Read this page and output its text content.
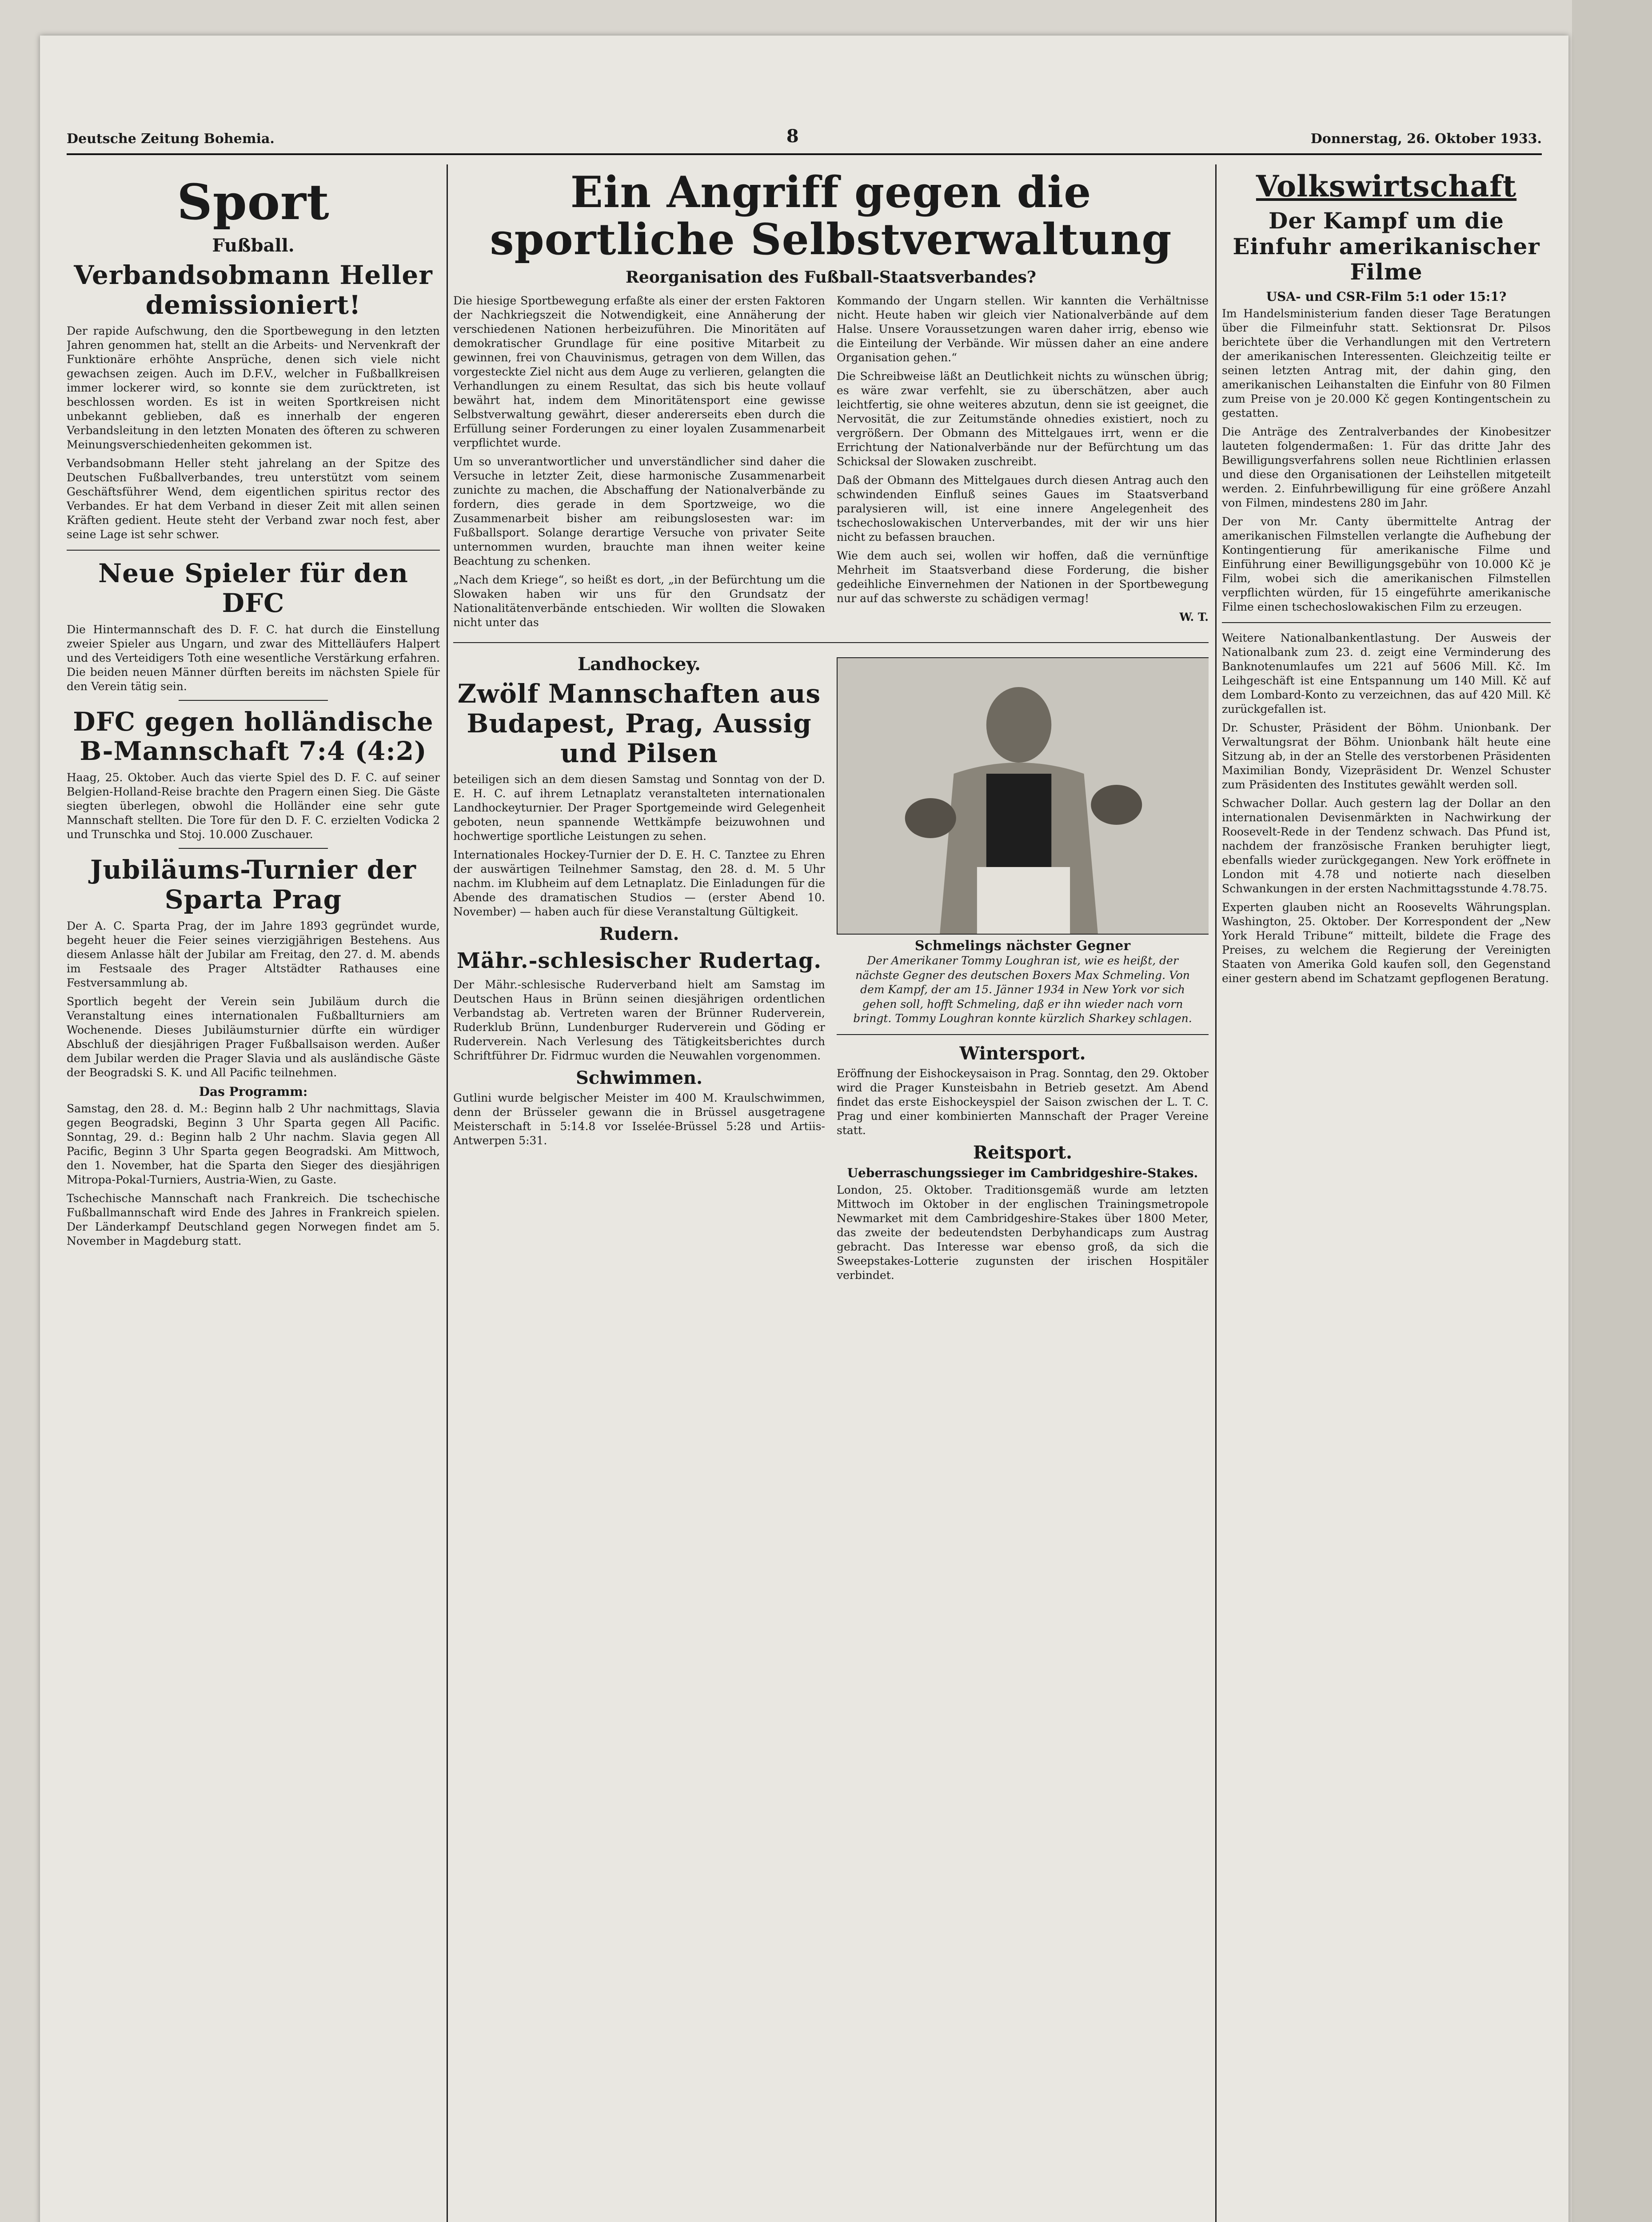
Deutsche Zeitung Bohemia.	8	Donnerstag, 26. Oktober 1933.
Sport
Fußball.
Verbandsobmann Heller demissioniert!

Der rapide Aufschwung, den die Sportbewegung in den letzten Jahren genommen hat, stellt an die Arbeits- und Nervenkraft der Funktionäre erhöhte Ansprüche, denen sich viele nicht gewachsen zeigen. Auch im D.F.V., welcher in Fußballkreisen immer lockerer wird, so konnte sie dem zurücktreten, ist beschlossen worden. Es ist in weiten Sportkreisen nicht unbekannt geblieben, daß es innerhalb der engeren Verbandsleitung in den letzten Monaten des öfteren zu schweren Meinungsverschiedenheiten gekommen ist.

Verbandsobmann Heller steht jahrelang an der Spitze des Deutschen Fußballverbandes, treu unterstützt vom seinem Geschäftsführer Wend, dem eigentlichen spiritus rector des Verbandes. Er hat dem Verband in dieser Zeit mit allen seinen Kräften gedient. Heute steht der Verband zwar noch fest, aber seine Lage ist sehr schwer.

Neue Spieler für den DFC

Die Hintermannschaft des D. F. C. hat durch die Einstellung zweier Spieler aus Ungarn, und zwar des Mittelläufers Halpert und des Verteidigers Toth eine wesentliche Verstärkung erfahren. Die beiden neuen Männer dürften bereits im nächsten Spiele für den Verein tätig sein.

DFC gegen holländische B-Mannschaft 7:4 (4:2)

Haag, 25. Oktober. Auch das vierte Spiel des D. F. C. auf seiner Belgien-Holland-Reise brachte den Pragern einen Sieg. Die Gäste siegten überlegen, obwohl die Holländer eine sehr gute Mannschaft stellten. Die Tore für den D. F. C. erzielten Vodicka 2 und Trunschka und Stoj. 10.000 Zuschauer.

Jubiläums-Turnier der Sparta Prag

Der A. C. Sparta Prag, der im Jahre 1893 gegründet wurde, begeht heuer die Feier seines vierzigjährigen Bestehens. Aus diesem Anlasse hält der Jubilar am Freitag, den 27. d. M. abends im Festsaale des Prager Altstädter Rathauses eine Festversammlung ab.

Sportlich begeht der Verein sein Jubiläum durch die Veranstaltung eines internationalen Fußballturniers am Wochenende. Dieses Jubiläumsturnier dürfte ein würdiger Abschluß der diesjährigen Prager Fußballsaison werden. Außer dem Jubilar werden die Prager Slavia und als ausländische Gäste der Beogradski S. K. und All Pacific teilnehmen.

Das Programm:

Samstag, den 28. d. M.: Beginn halb 2 Uhr nachmittags, Slavia gegen Beogradski, Beginn 3 Uhr Sparta gegen All Pacific. Sonntag, 29. d.: Beginn halb 2 Uhr nachm. Slavia gegen All Pacific, Beginn 3 Uhr Sparta gegen Beogradski. Am Mittwoch, den 1. November, hat die Sparta den Sieger des diesjährigen Mitropa-Pokal-Turniers, Austria-Wien, zu Gaste.

Tschechische Mannschaft nach Frankreich. Die tschechische Fußballmannschaft wird Ende des Jahres in Frankreich spielen. Der Länderkampf Deutschland gegen Norwegen findet am 5. November in Magdeburg statt.

Ein Angriff gegen die sportliche Selbstverwaltung
Reorganisation des Fußball-Staatsverbandes?

Die hiesige Sportbewegung erfaßte als einer der ersten Faktoren der Nachkriegszeit die Notwendigkeit, eine Annäherung der verschiedenen Nationen herbeizuführen. Die Minoritäten auf demokratischer Grundlage für eine positive Mitarbeit zu gewinnen, frei von Chauvinismus, getragen von dem Willen, das vorgesteckte Ziel nicht aus dem Auge zu verlieren, gelangten die Verhandlungen zu einem Resultat, das sich bis heute vollauf bewährt hat, indem dem Minoritätensport eine gewisse Selbstverwaltung gewährt, dieser andererseits eben durch die Erfüllung seiner Forderungen zu einer loyalen Zusammenarbeit verpflichtet wurde.

Um so unverantwortlicher und unverständlicher sind daher die Versuche in letzter Zeit, diese harmonische Zusammenarbeit zunichte zu machen, die Abschaffung der Nationalverbände zu fordern, dies gerade in dem Sportzweige, wo die Zusammenarbeit bisher am reibungslosesten war: im Fußballsport. Solange derartige Versuche von privater Seite unternommen wurden, brauchte man ihnen weiter keine Beachtung zu schenken.

„Nach dem Kriege“, so heißt es dort, „in der Befürchtung um die Slowaken haben wir uns für den Grundsatz der Nationalitätenverbände entschieden. Wir wollten die Slowaken nicht unter das

Kommando der Ungarn stellen. Wir kannten die Verhältnisse nicht. Heute haben wir gleich vier Nationalverbände auf dem Halse. Unsere Voraussetzungen waren daher irrig, ebenso wie die Einteilung der Verbände. Wir müssen daher an eine andere Organisation gehen.“

Die Schreibweise läßt an Deutlichkeit nichts zu wünschen übrig; es wäre zwar verfehlt, sie zu überschätzen, aber auch leichtfertig, sie ohne weiteres abzutun, denn sie ist geeignet, die Nervosität, die zur Zeitumstände ohnedies existiert, noch zu vergrößern. Der Obmann des Mittelgaues irrt, wenn er die Errichtung der Nationalverbände nur der Befürchtung um das Schicksal der Slowaken zuschreibt.

Daß der Obmann des Mittelgaues durch diesen Antrag auch den schwindenden Einfluß seines Gaues im Staatsverband paralysieren will, ist eine innere Angelegenheit des tschechoslowakischen Unterverbandes, mit der wir uns hier nicht zu befassen brauchen.

Wie dem auch sei, wollen wir hoffen, daß die vernünftige Mehrheit im Staatsverband diese Forderung, die bisher gedeihliche Einvernehmen der Nationen in der Sportbewegung nur auf das schwerste zu schädigen vermag!

W. T.

Landhockey.
Zwölf Mannschaften aus Budapest, Prag, Aussig und Pilsen

beteiligen sich an dem diesen Samstag und Sonntag von der D. E. H. C. auf ihrem Letnaplatz veranstalteten internationalen Landhockeyturnier. Der Prager Sportgemeinde wird Gelegenheit geboten, neun spannende Wettkämpfe beizuwohnen und hochwertige sportliche Leistungen zu sehen.

Internationales Hockey-Turnier der D. E. H. C. Tanztee zu Ehren der auswärtigen Teilnehmer Samstag, den 28. d. M. 5 Uhr nachm. im Klubheim auf dem Letnaplatz. Die Einladungen für die Abende des dramatischen Studios — (erster Abend 10. November) — haben auch für diese Veranstaltung Gültigkeit.

Rudern.
Mähr.-schlesischer Rudertag.

Der Mähr.-schlesische Ruderverband hielt am Samstag im Deutschen Haus in Brünn seinen diesjährigen ordentlichen Verbandstag ab. Vertreten waren der Brünner Ruderverein, Ruderklub Brünn, Lundenburger Ruderverein und Göding er Ruderverein. Nach Verlesung des Tätigkeitsberichtes durch Schriftführer Dr. Fidrmuc wurden die Neuwahlen vorgenommen.

Schwimmen.

Gutlini wurde belgischer Meister im 400 M. Kraulschwimmen, denn der Brüsseler gewann die in Brüssel ausgetragene Meisterschaft in 5:14.8 vor Isselée-Brüssel 5:28 und Artiis-Antwerpen 5:31.

Schmelings nächster Gegner
Der Amerikaner Tommy Loughran ist, wie es heißt, der nächste Gegner des deutschen Boxers Max Schmeling. Von dem Kampf, der am 15. Jänner 1934 in New York vor sich gehen soll, hofft Schmeling, daß er ihn wieder nach vorn bringt. Tommy Loughran konnte kürzlich Sharkey schlagen.
Wintersport.

Eröffnung der Eishockeysaison in Prag. Sonntag, den 29. Oktober wird die Prager Kunsteisbahn in Betrieb gesetzt. Am Abend findet das erste Eishockeyspiel der Saison zwischen der L. T. C. Prag und einer kombinierten Mannschaft der Prager Vereine statt.

Reitsport.
Ueberraschungssieger im Cambridgeshire-Stakes.

London, 25. Oktober. Traditionsgemäß wurde am letzten Mittwoch im Oktober in der englischen Trainingsmetropole Newmarket mit dem Cambridgeshire-Stakes über 1800 Meter, das zweite der bedeutendsten Derbyhandicaps zum Austrag gebracht. Das Interesse war ebenso groß, da sich die Sweepstakes-Lotterie zugunsten der irischen Hospitäler verbindet.

Volkswirtschaft
Der Kampf um die Einfuhr amerikanischer Filme
USA- und CSR-Film 5:1 oder 15:1?

Im Handelsministerium fanden dieser Tage Beratungen über die Filmeinfuhr statt. Sektionsrat Dr. Pilsos berichtete über die Verhandlungen mit den Vertretern der amerikanischen Interessenten. Gleichzeitig teilte er seinen letzten Antrag mit, der dahin ging, den amerikanischen Leihanstalten die Einfuhr von 80 Filmen zum Preise von je 20.000 Kč gegen Kontingentschein zu gestatten.

Die Anträge des Zentralverbandes der Kinobesitzer lauteten folgendermaßen: 1. Für das dritte Jahr des Bewilligungsverfahrens sollen neue Richtlinien erlassen und diese den Organisationen der Leihstellen mitgeteilt werden. 2. Einfuhrbewilligung für eine größere Anzahl von Filmen, mindestens 280 im Jahr.

Der von Mr. Canty übermittelte Antrag der amerikanischen Filmstellen verlangte die Aufhebung der Kontingentierung für amerikanische Filme und Einführung einer Bewilligungsgebühr von 10.000 Kč je Film, wobei sich die amerikanischen Filmstellen verpflichten würden, für 15 eingeführte amerikanische Filme einen tschechoslowakischen Film zu erzeugen.

Weitere Nationalbankentlastung. Der Ausweis der Nationalbank zum 23. d. zeigt eine Verminderung des Banknotenumlaufes um 221 auf 5606 Mill. Kč. Im Leihgeschäft ist eine Entspannung um 140 Mill. Kč auf dem Lombard-Konto zu verzeichnen, das auf 420 Mill. Kč zurückgefallen ist.

Dr. Schuster, Präsident der Böhm. Unionbank. Der Verwaltungsrat der Böhm. Unionbank hält heute eine Sitzung ab, in der an Stelle des verstorbenen Präsidenten Maximilian Bondy, Vizepräsident Dr. Wenzel Schuster zum Präsidenten des Institutes gewählt werden soll.

Schwacher Dollar. Auch gestern lag der Dollar an den internationalen Devisenmärkten in Nachwirkung der Roosevelt-Rede in der Tendenz schwach. Das Pfund ist, nachdem der französische Franken beruhigter liegt, ebenfalls wieder zurückgegangen. New York eröffnete in London mit 4.78 und notierte nach dieselben Schwankungen in der ersten Nachmittagsstunde 4.78.75.

Experten glauben nicht an Roosevelts Währungsplan. Washington, 25. Oktober. Der Korrespondent der „New York Herald Tribune“ mitteilt, bildete die Frage des Preises, zu welchem die Regierung der Vereinigten Staaten von Amerika Gold kaufen soll, den Gegenstand einer gestern abend im Schatzamt gepflogenen Beratung.
